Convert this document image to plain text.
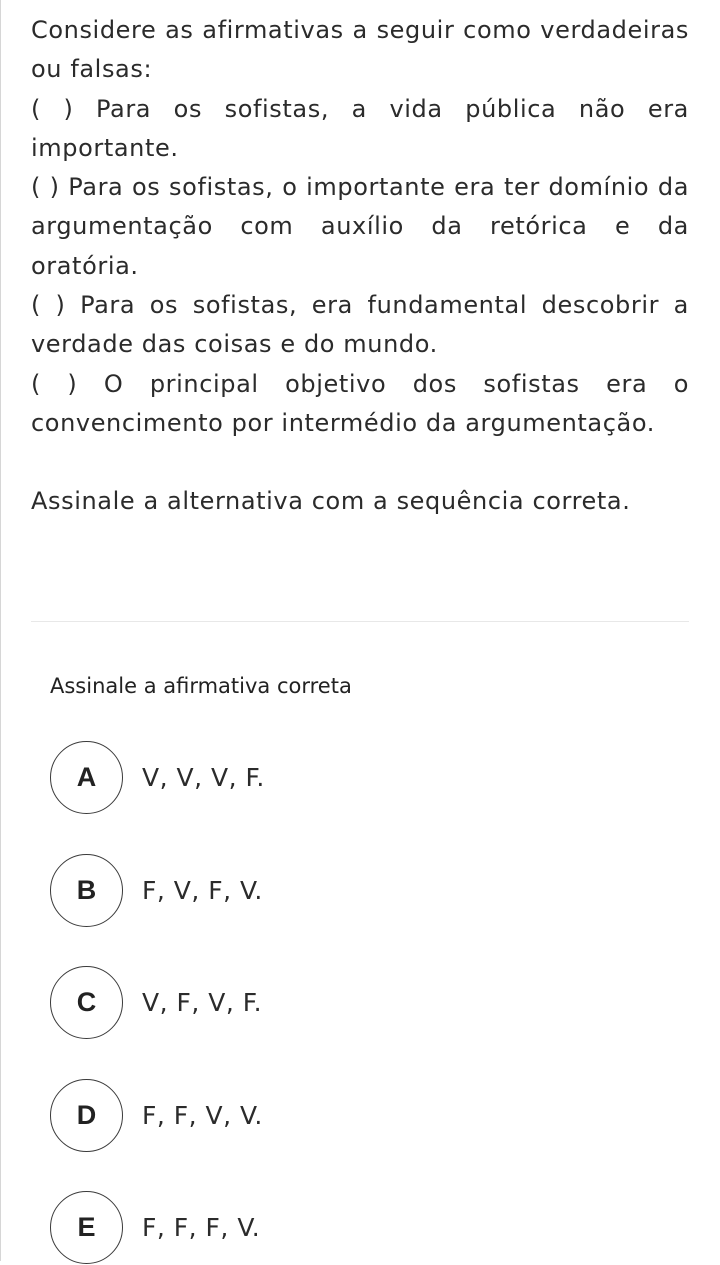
Considere as afirmativas a seguir como verdadeiras ou falsas:

( ) Para os sofistas, a vida pública não era importante.

( ) Para os sofistas, o importante era ter domínio da argumentação com auxílio da retórica e da oratória.

( ) Para os sofistas, era fundamental descobrir a verdade das coisas e do mundo.

( ) O principal objetivo dos sofistas era o convencimento por intermédio da argumentação.

Assinale a alternativa com a sequência correta.

Assinale a afirmativa correta
A	V, V, V, F.
B	F, V, F, V.
C	V, F, V, F.
D	F, F, V, V.
E	F, F, F, V.
